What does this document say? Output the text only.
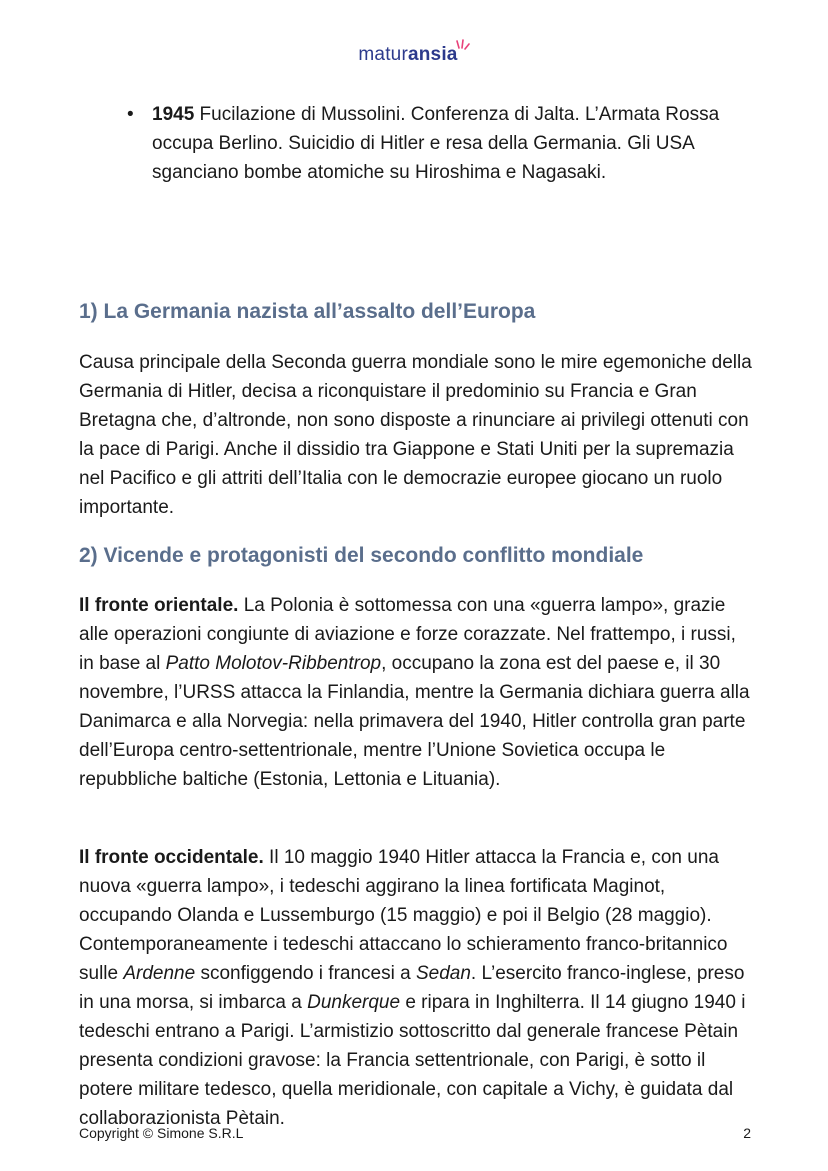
maturansia
• 1945 Fucilazione di Mussolini. Conferenza di Jalta. L’Armata Rossa occupa Berlino. Suicidio di Hitler e resa della Germania. Gli USA sganciano bombe atomiche su Hiroshima e Nagasaki.
1) La Germania nazista all’assalto dell’Europa

Causa principale della Seconda guerra mondiale sono le mire egemoniche della Germania di Hitler, decisa a riconquistare il predominio su Francia e Gran Bretagna che, d’altronde, non sono disposte a rinunciare ai privilegi ottenuti con la pace di Parigi. Anche il dissidio tra Giappone e Stati Uniti per la supremazia nel Pacifico e gli attriti dell’Italia con le democrazie europee giocano un ruolo importante.

2) Vicende e protagonisti del secondo conflitto mondiale

Il fronte orientale. La Polonia è sottomessa con una «guerra lampo», grazie alle operazioni congiunte di aviazione e forze corazzate. Nel frattempo, i russi, in base al Patto Molotov-Ribbentrop, occupano la zona est del paese e, il 30 novembre, l’URSS attacca la Finlandia, mentre la Germania dichiara guerra alla Danimarca e alla Norvegia: nella primavera del 1940, Hitler controlla gran parte dell’Europa centro-settentrionale, mentre l’Unione Sovietica occupa le repubbliche baltiche (Estonia, Lettonia e Lituania).

Il fronte occidentale. Il 10 maggio 1940 Hitler attacca la Francia e, con una nuova «guerra lampo», i tedeschi aggirano la linea fortificata Maginot, occupando Olanda e Lussemburgo (15 maggio) e poi il Belgio (28 maggio). Contemporaneamente i tedeschi attaccano lo schieramento franco-britannico sulle Ardenne sconfiggendo i francesi a Sedan. L’esercito franco-inglese, preso in una morsa, si imbarca a Dunkerque e ripara in Inghilterra. Il 14 giugno 1940 i tedeschi entrano a Parigi. L’armistizio sottoscritto dal generale francese Pètain presenta condizioni gravose: la Francia settentrionale, con Parigi, è sotto il potere militare tedesco, quella meridionale, con capitale a Vichy, è guidata dal collaborazionista Pètain.

Copyright © Simone S.R.L	2
